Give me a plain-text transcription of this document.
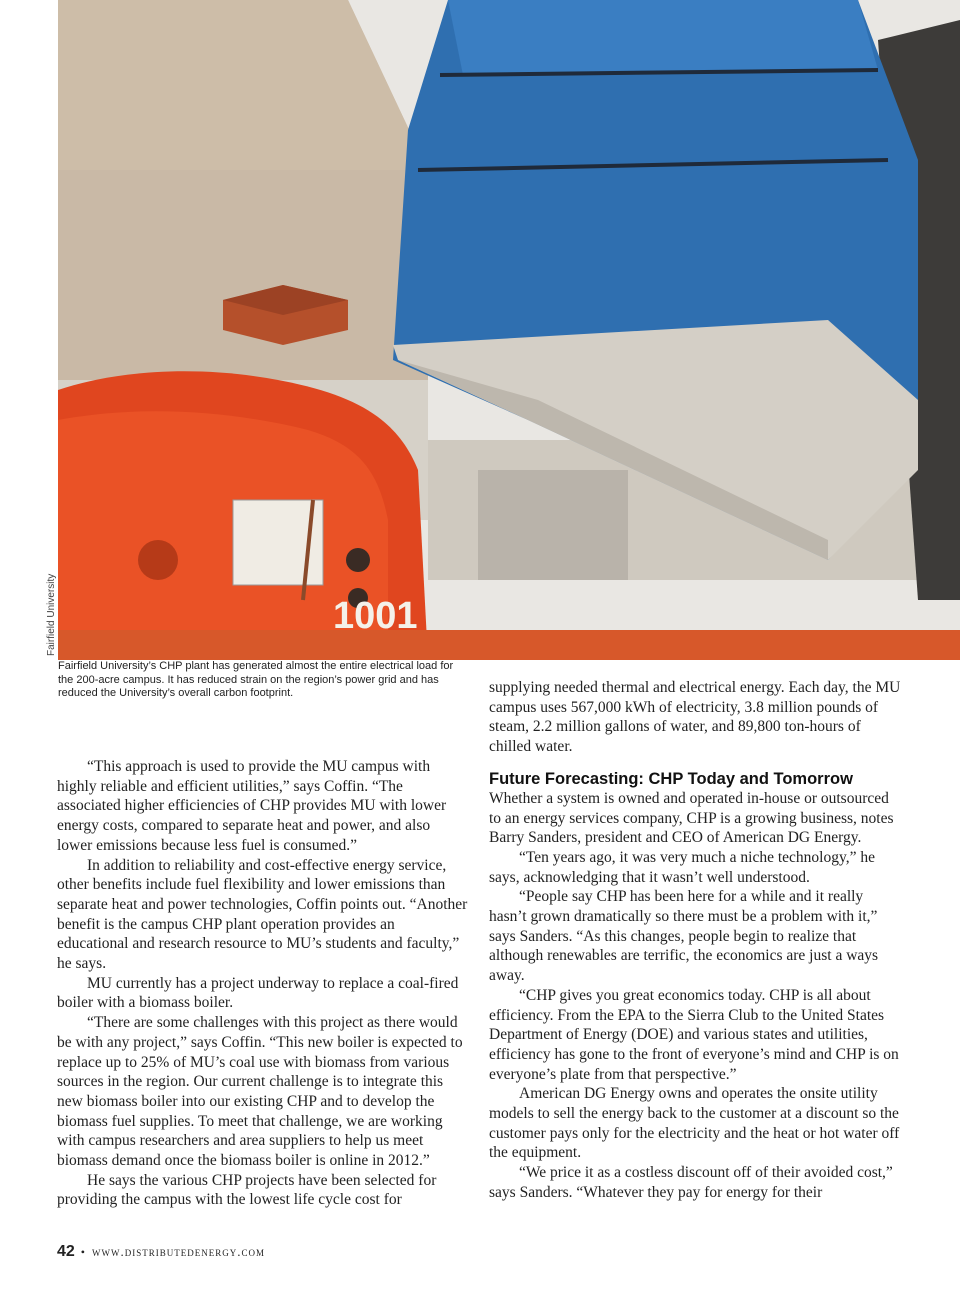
1001
Fairfield University
Fairfield University’s CHP plant has generated almost the entire electrical load for the 200-acre campus. It has reduced strain on the region’s power grid and has reduced the University’s overall carbon footprint.

“This approach is used to provide the MU campus with highly reliable and efficient utilities,” says Coffin. “The associated higher efficiencies of CHP provides MU with lower energy costs, compared to separate heat and power, and also lower emissions because less fuel is consumed.”

In addition to reliability and cost-effective energy service, other benefits include fuel flexibility and lower emissions than separate heat and power technologies, Coffin points out. “Another benefit is the campus CHP plant operation provides an educational and research resource to MU’s students and faculty,” he says.

MU currently has a project underway to replace a coal-fired boiler with a biomass boiler.

“There are some challenges with this project as there would be with any project,” says Coffin. “This new boiler is expected to replace up to 25% of MU’s coal use with biomass from various sources in the region. Our current challenge is to integrate this new biomass boiler into our existing CHP and to develop the biomass fuel supplies. To meet that challenge, we are working with campus researchers and area suppliers to help us meet biomass demand once the biomass boiler is online in 2012.”

He says the various CHP projects have been selected for providing the campus with the lowest life cycle cost for

supplying needed thermal and electrical energy. Each day, the MU campus uses 567,000 kWh of electricity, 3.8 million pounds of steam, 2.2 million gallons of water, and 89,800 ton-hours of chilled water.

Future Forecasting: CHP Today and Tomorrow

Whether a system is owned and operated in-house or outsourced to an energy services company, CHP is a growing business, notes Barry Sanders, president and CEO of American DG Energy.

“Ten years ago, it was very much a niche technology,” he says, acknowledging that it wasn’t well understood.

“People say CHP has been here for a while and it really hasn’t grown dramatically so there must be a problem with it,” says Sanders. “As this changes, people begin to realize that although renewables are terrific, the economics are just a ways away.

“CHP gives you great economics today. CHP is all about efficiency. From the EPA to the Sierra Club to the United States Department of Energy (DOE) and various states and utilities, efficiency has gone to the front of everyone’s mind and CHP is on everyone’s plate from that perspective.”

American DG Energy owns and operates the onsite utility models to sell the energy back to the customer at a discount so the customer pays only for the electricity and the heat or hot water off the equipment.

“We price it as a costless discount off of their avoided cost,” says Sanders. “Whatever they pay for energy for their

42 • www.distributedenergy.com
